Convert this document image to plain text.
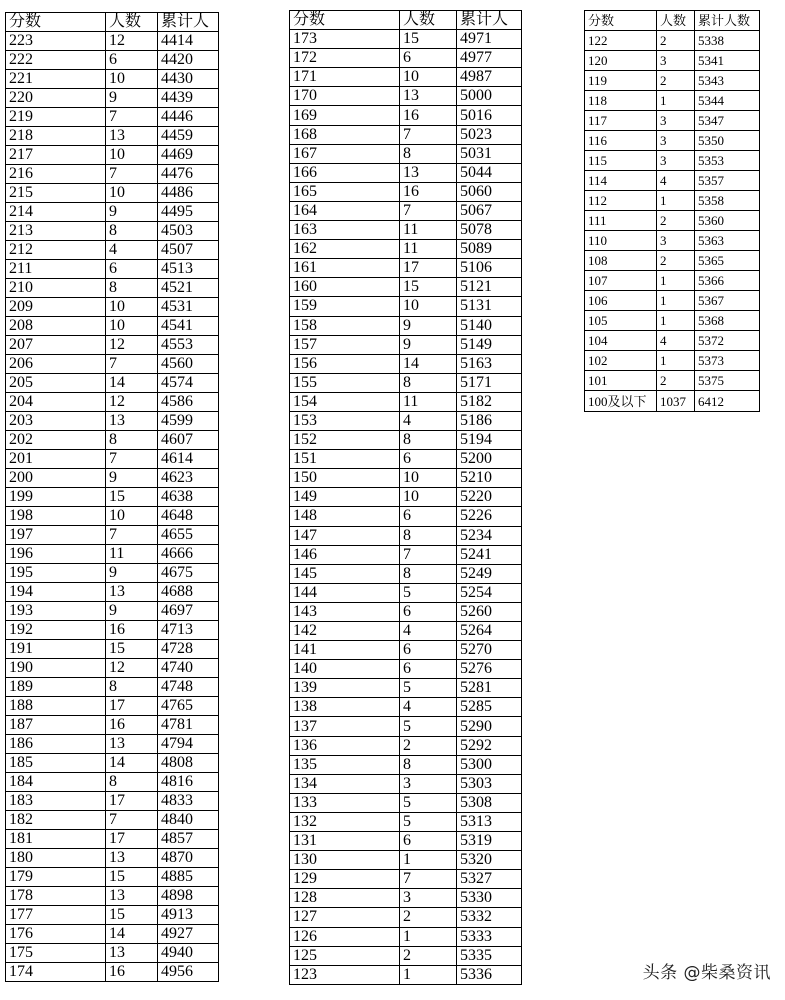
分数	人数	累计人
223	12	4414
222	6	4420
221	10	4430
220	9	4439
219	7	4446
218	13	4459
217	10	4469
216	7	4476
215	10	4486
214	9	4495
213	8	4503
212	4	4507
211	6	4513
210	8	4521
209	10	4531
208	10	4541
207	12	4553
206	7	4560
205	14	4574
204	12	4586
203	13	4599
202	8	4607
201	7	4614
200	9	4623
199	15	4638
198	10	4648
197	7	4655
196	11	4666
195	9	4675
194	13	4688
193	9	4697
192	16	4713
191	15	4728
190	12	4740
189	8	4748
188	17	4765
187	16	4781
186	13	4794
185	14	4808
184	8	4816
183	17	4833
182	7	4840
181	17	4857
180	13	4870
179	15	4885
178	13	4898
177	15	4913
176	14	4927
175	13	4940
174	16	4956
分数	人数	累计人
173	15	4971
172	6	4977
171	10	4987
170	13	5000
169	16	5016
168	7	5023
167	8	5031
166	13	5044
165	16	5060
164	7	5067
163	11	5078
162	11	5089
161	17	5106
160	15	5121
159	10	5131
158	9	5140
157	9	5149
156	14	5163
155	8	5171
154	11	5182
153	4	5186
152	8	5194
151	6	5200
150	10	5210
149	10	5220
148	6	5226
147	8	5234
146	7	5241
145	8	5249
144	5	5254
143	6	5260
142	4	5264
141	6	5270
140	6	5276
139	5	5281
138	4	5285
137	5	5290
136	2	5292
135	8	5300
134	3	5303
133	5	5308
132	5	5313
131	6	5319
130	1	5320
129	7	5327
128	3	5330
127	2	5332
126	1	5333
125	2	5335
123	1	5336
分数	人数	累计人数
122	2	5338
120	3	5341
119	2	5343
118	1	5344
117	3	5347
116	3	5350
115	3	5353
114	4	5357
112	1	5358
111	2	5360
110	3	5363
108	2	5365
107	1	5366
106	1	5367
105	1	5368
104	4	5372
102	1	5373
101	2	5375
100及以下	1037	6412
头条 @柴桑资讯
